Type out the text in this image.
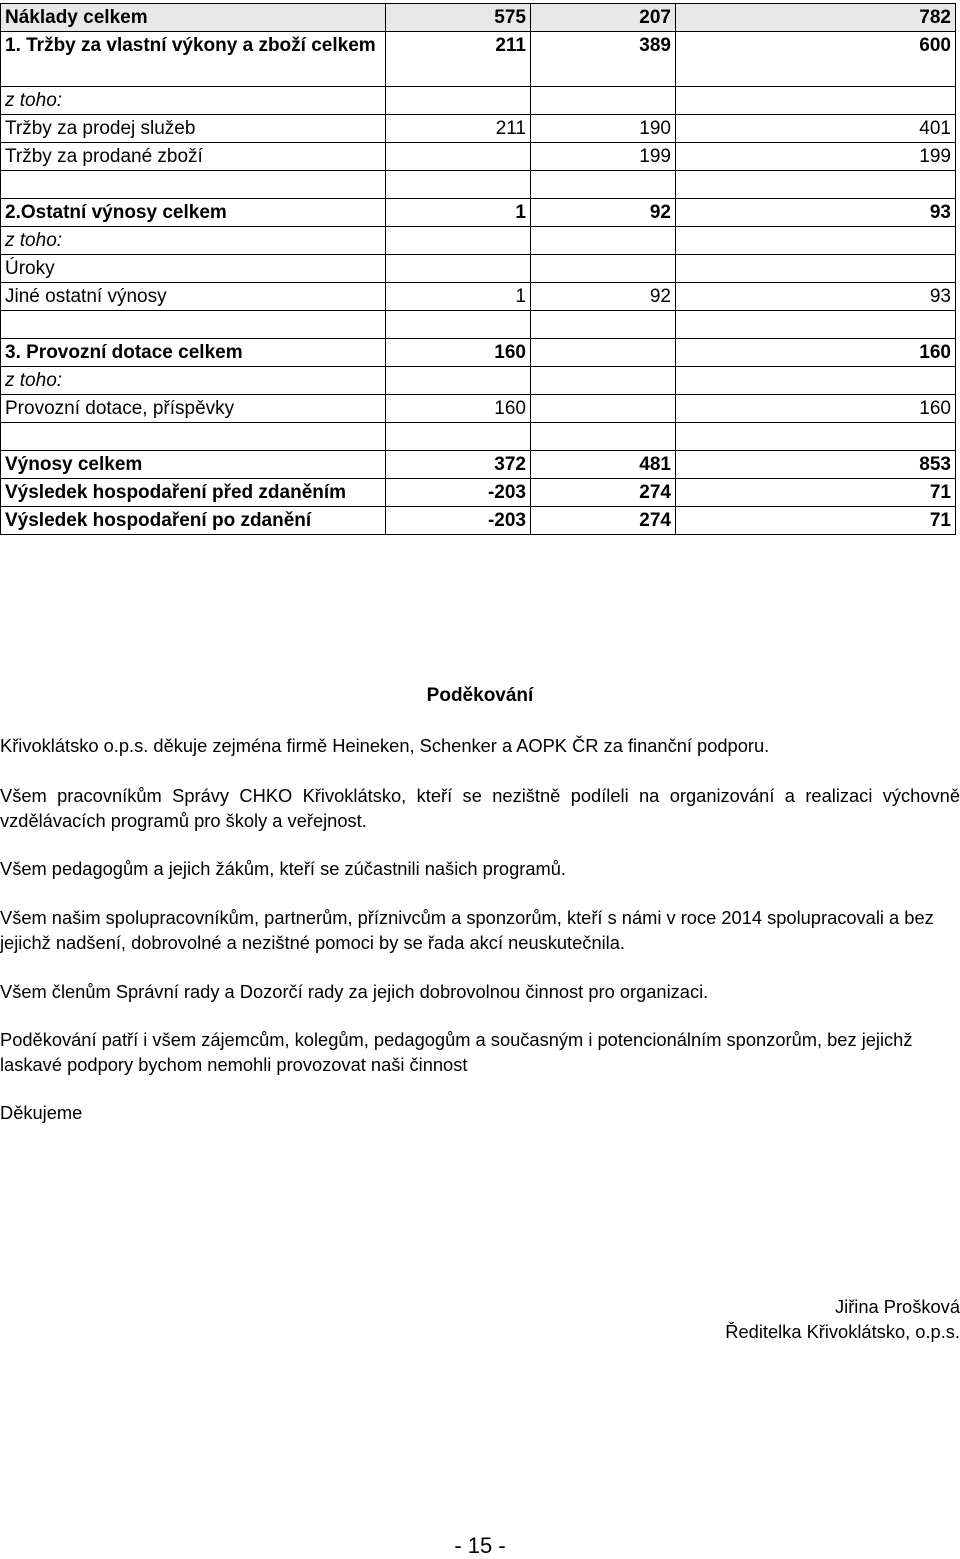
Náklady celkem	575	207	782
1. Tržby za vlastní výkony a zboží celkem	211	389	600
z toho:			
Tržby za prodej služeb	211	190	401
Tržby za prodané zboží		199	199

2.Ostatní výnosy celkem	1	92	93
z toho:			
Úroky			
Jiné ostatní výnosy	1	92	93

3. Provozní dotace celkem	160		160
z toho:			
Provozní dotace, příspěvky	160		160

Výnosy celkem	372	481	853
Výsledek hospodaření před zdaněním	-203	274	71
Výsledek hospodaření po zdanění	-203	274	71
Poděkování

Křivoklátsko o.p.s. děkuje zejména firmě Heineken, Schenker a AOPK ČR za finanční podporu.

Všem pracovníkům Správy CHKO Křivoklátsko, kteří se nezištně podíleli na organizování a realizaci výchovně vzdělávacích programů pro školy a veřejnost.

Všem pedagogům a jejich žákům, kteří se zúčastnili našich programů.

Všem našim spolupracovníkům, partnerům, příznivcům a sponzorům, kteří s námi v roce 2014 spolupracovali a bez jejichž nadšení, dobrovolné a nezištné pomoci by se řada akcí neuskutečnila.

Všem členům Správní rady a Dozorčí rady za jejich dobrovolnou činnost pro organizaci.

Poděkování patří i všem zájemcům, kolegům, pedagogům a současným i potencionálním sponzorům, bez jejichž laskavé podpory bychom nemohli provozovat naši činnost

Děkujeme

Jiřina Prošková
Ředitelka Křivoklátsko, o.p.s.
- 15 -
